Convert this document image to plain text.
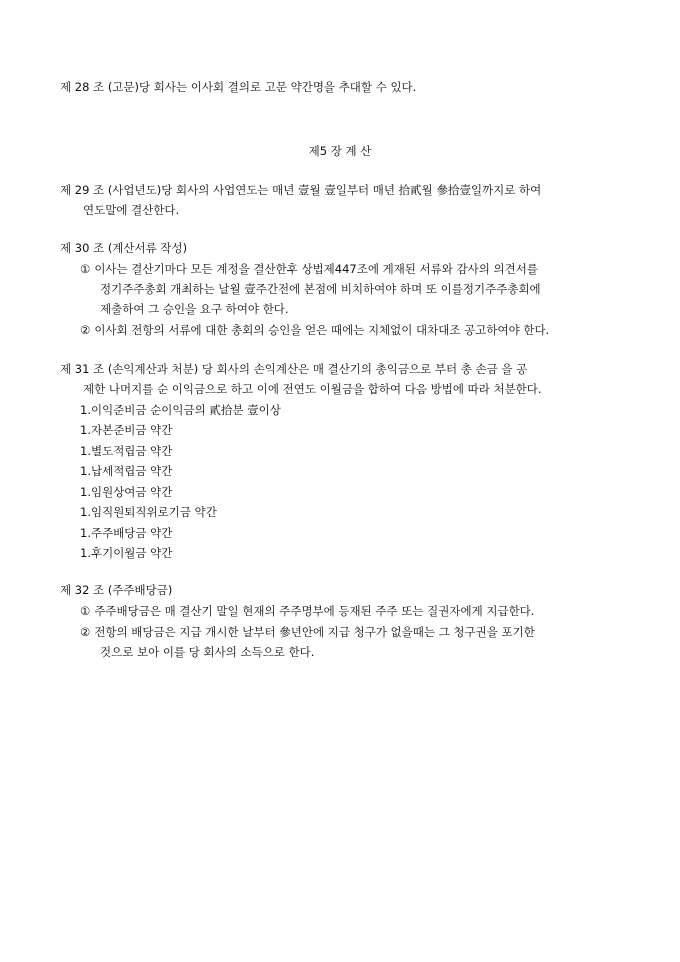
제 28 조 (고문)당 회사는 이사회 결의로 고문 약간명을 추대할 수 있다.
제5 장 계 산
제 29 조 (사업년도)당 회사의 사업연도는 매년 壹월 壹일부터 매년 拾貳월 參拾壹일까지로 하여
연도말에 결산한다.
제 30 조 (계산서류 작성)
① 이사는 결산기마다 모든 계정을 결산한후 상법제447조에 게재된 서류와 감사의 의견서를
정기주주총회 개최하는 날월 壹주간전에 본점에 비치하여야 하며 또 이를정기주주총회에
제출하여 그 승인을 요구 하여야 한다.
② 이사회 전항의 서류에 대한 총회의 승인을 얻은 때에는 지체없이 대차대조 공고하여야 한다.
제 31 조 (손익계산과 처분) 당 회사의 손익계산은 매 결산기의 총익금으로 부터 총 손금 을 공
제한 나머지를 순 이익금으로 하고 이에 전연도 이월금을 합하여 다음 방법에 따라 처분한다.
1.이익준비금 순이익금의 貳拾분 壹이상
1.자본준비금 약간
1.별도적립금 약간
1.납세적립금 약간
1.임원상여금 약간
1.임직원퇴직위로기금 약간
1.주주배당금 약간
1.후기이월금 약간
제 32 조 (주주배당금)
① 주주배당금은 매 결산기 말일 현재의 주주명부에 등재된 주주 또는 질권자에게 지급한다.
② 전항의 배당금은 지급 개시한 날부터 參년안에 지급 청구가 없을때는 그 청구권을 포기한
것으로 보아 이를 당 회사의 소득으로 한다.
